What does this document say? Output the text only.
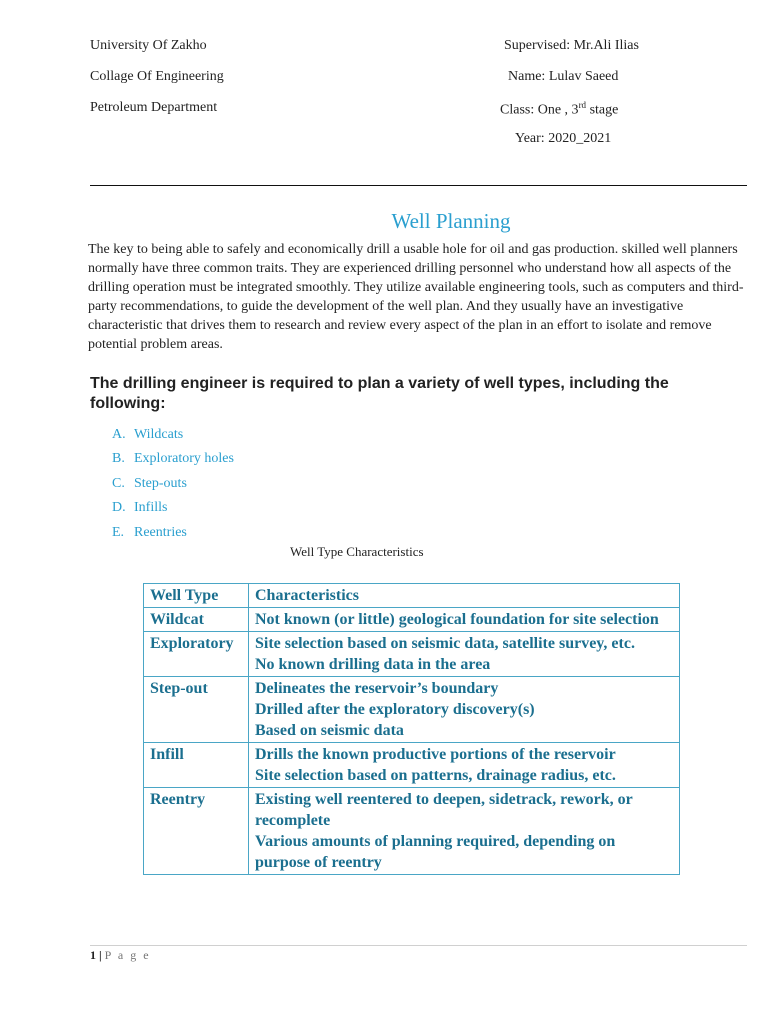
University Of Zakho
Collage Of Engineering
Petroleum Department
Supervised: Mr.Ali Ilias
Name: Lulav Saeed
Class: One , 3rd stage
Year: 2020_2021
Well Planning
The key to being able to safely and economically drill a usable hole for oil and gas production. skilled well planners normally have three common traits. They are experienced drilling personnel who understand how all aspects of the drilling operation must be integrated smoothly. They utilize available engineering tools, such as computers and third-party recommendations, to guide the development of the well plan. And they usually have an investigative characteristic that drives them to research and review every aspect of the plan in an effort to isolate and remove potential problem areas.
The drilling engineer is required to plan a variety of well types, including the following:
A. Wildcats
B. Exploratory holes
C. Step-outs
D. Infills
E. Reentries
Well Type Characteristics
Well Type	Characteristics
Wildcat	Not known (or little) geological foundation for site selection

Exploratory	Site selection based on seismic data, satellite survey, etc.
No known drilling data in the area

Step-out	Delineates the reservoir’s boundary
Drilled after the exploratory discovery(s)
Based on seismic data

Infill	Drills the known productive portions of the reservoir
Site selection based on patterns, drainage radius, etc.

Reentry	Existing well reentered to deepen, sidetrack, rework, or recomplete
Various amounts of planning required, depending on purpose of reentry
1 | P a g e
